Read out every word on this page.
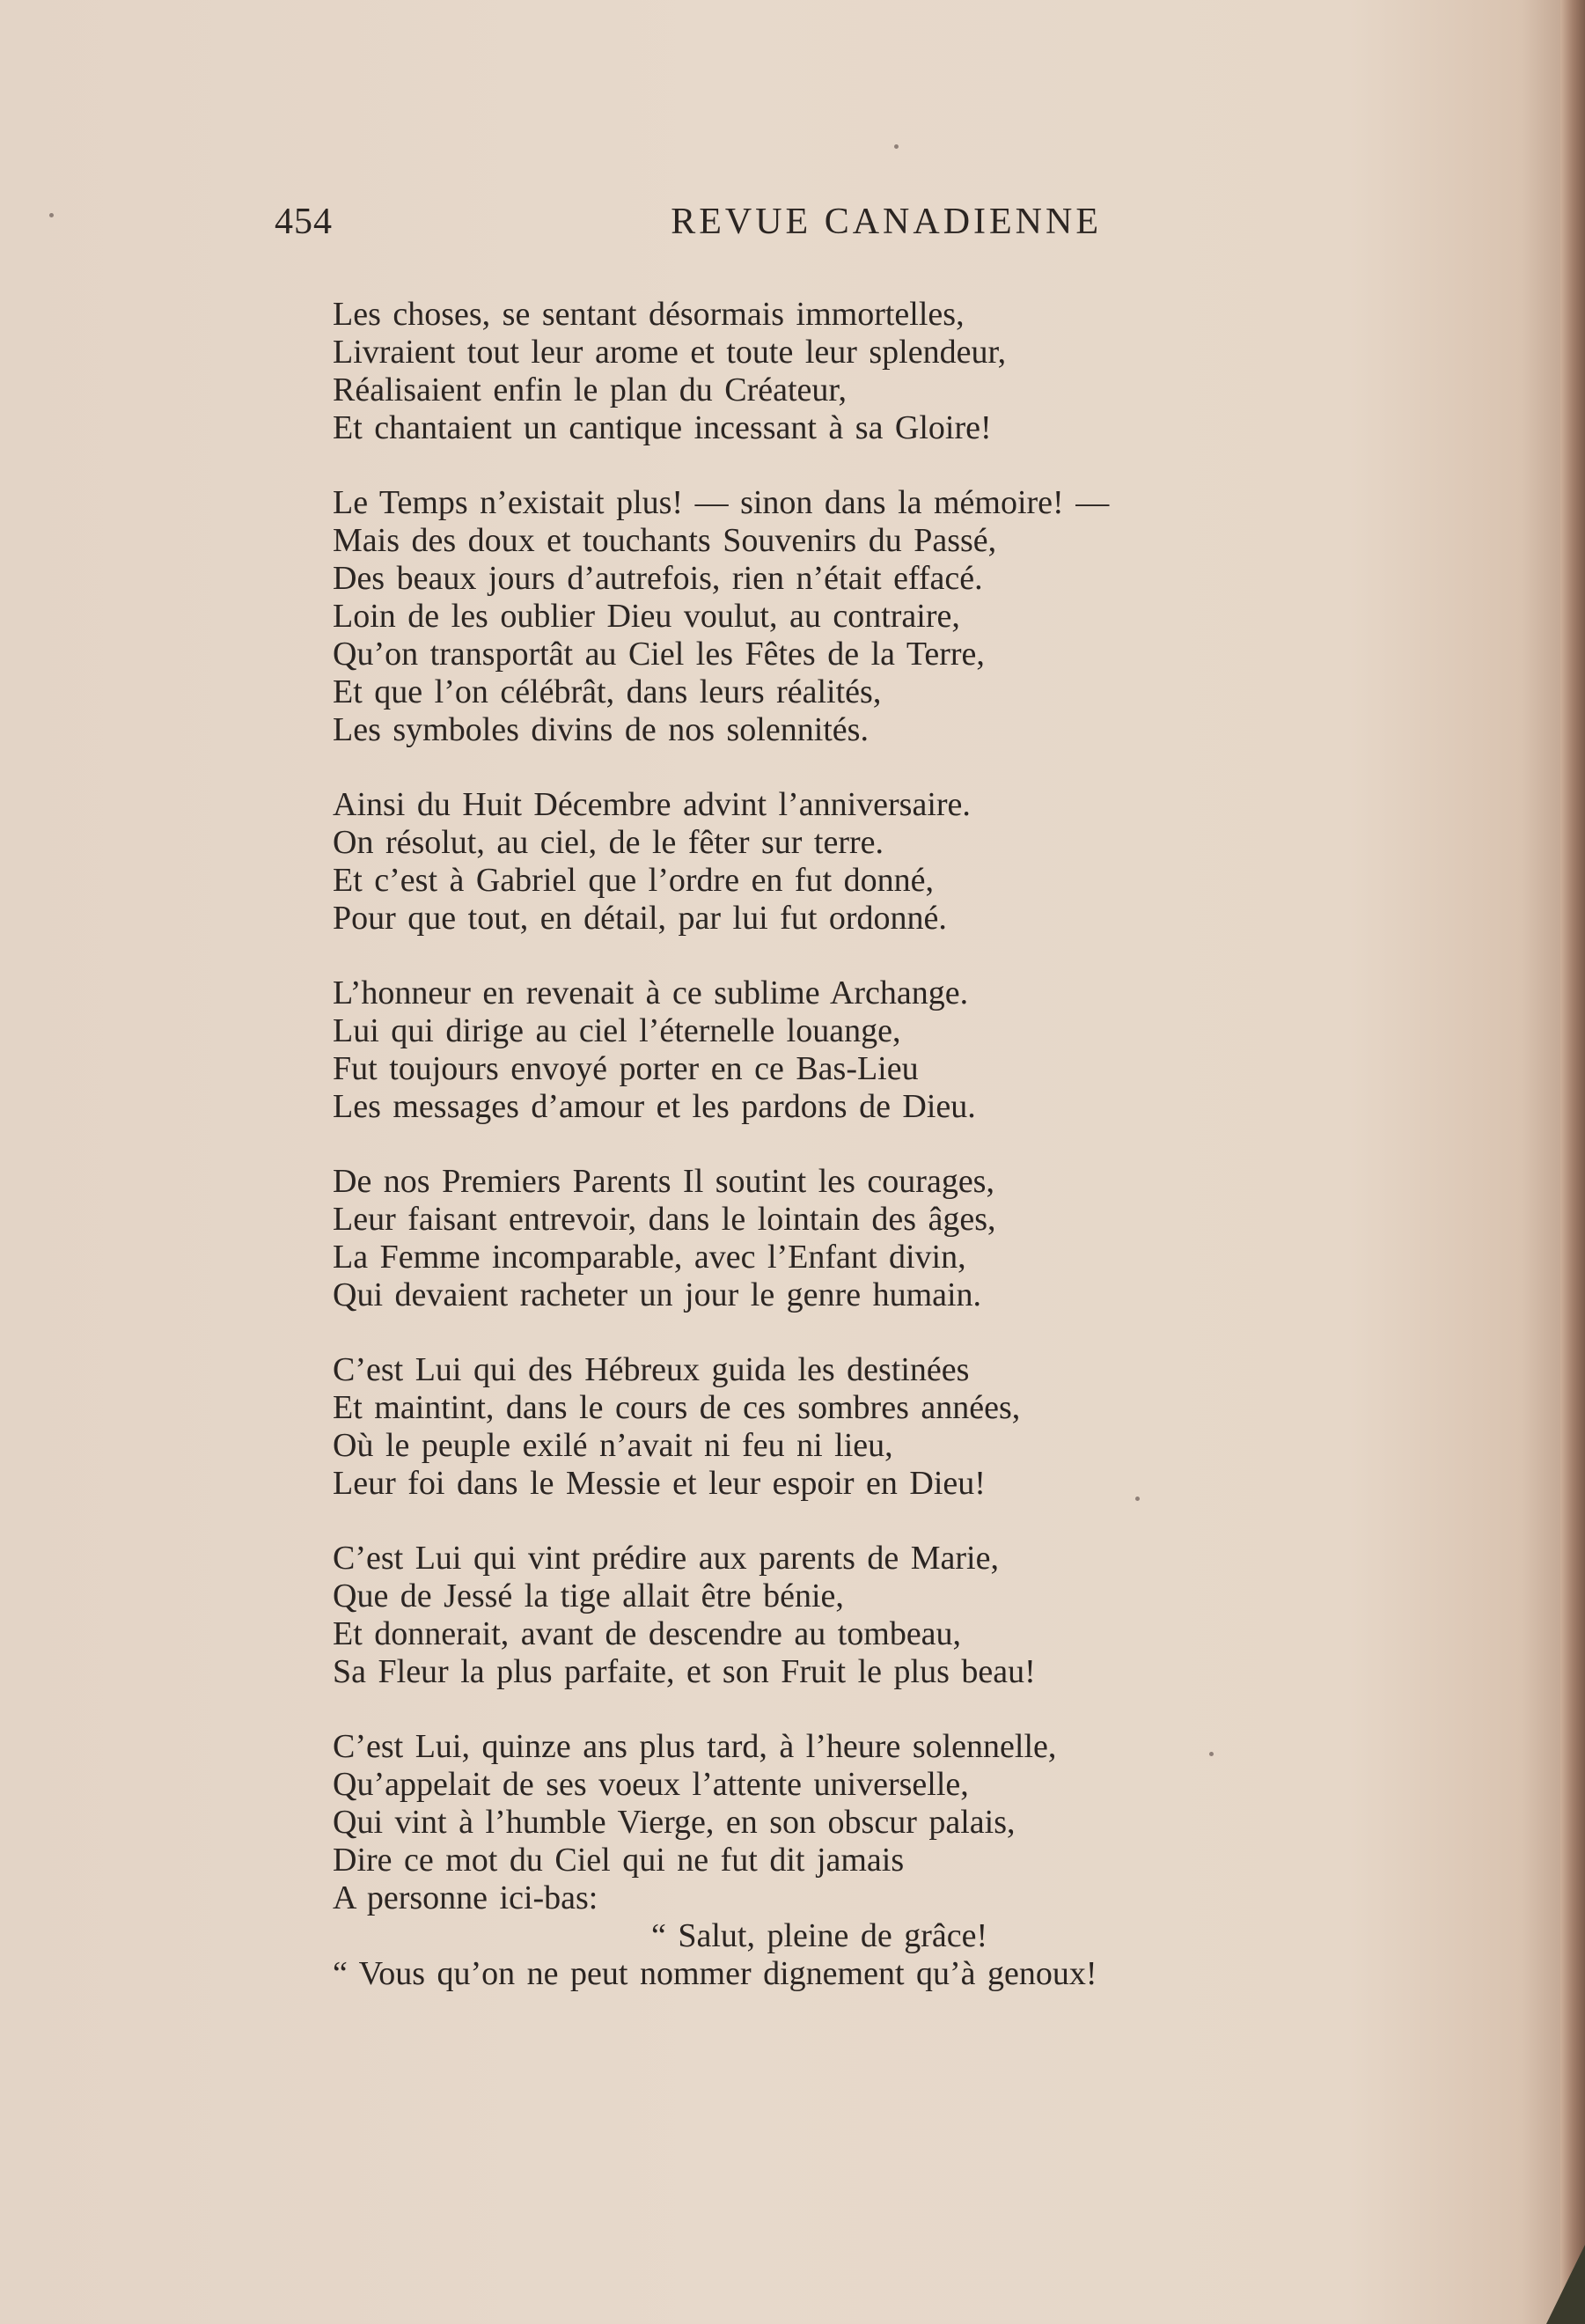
454	REVUE CANADIENNE
Les choses, se sentant désormais immortelles,
Livraient tout leur arome et toute leur splendeur,
Réalisaient enfin le plan du Créateur,
Et chantaient un cantique incessant à sa Gloire!
Le Temps n’existait plus! — sinon dans la mémoire! —
Mais des doux et touchants Souvenirs du Passé,
Des beaux jours d’autrefois, rien n’était effacé.
Loin de les oublier Dieu voulut, au contraire,
Qu’on transportât au Ciel les Fêtes de la Terre,
Et que l’on célébrât, dans leurs réalités,
Les symboles divins de nos solennités.
Ainsi du Huit Décembre advint l’anniversaire.
On résolut, au ciel, de le fêter sur terre.
Et c’est à Gabriel que l’ordre en fut donné,
Pour que tout, en détail, par lui fut ordonné.
L’honneur en revenait à ce sublime Archange.
Lui qui dirige au ciel l’éternelle louange,
Fut toujours envoyé porter en ce Bas-Lieu
Les messages d’amour et les pardons de Dieu.
De nos Premiers Parents Il soutint les courages,
Leur faisant entrevoir, dans le lointain des âges,
La Femme incomparable, avec l’Enfant divin,
Qui devaient racheter un jour le genre humain.
C’est Lui qui des Hébreux guida les destinées
Et maintint, dans le cours de ces sombres années,
Où le peuple exilé n’avait ni feu ni lieu,
Leur foi dans le Messie et leur espoir en Dieu!
C’est Lui qui vint prédire aux parents de Marie,
Que de Jessé la tige allait être bénie,
Et donnerait, avant de descendre au tombeau,
Sa Fleur la plus parfaite, et son Fruit le plus beau!
C’est Lui, quinze ans plus tard, à l’heure solennelle,
Qu’appelait de ses voeux l’attente universelle,
Qui vint à l’humble Vierge, en son obscur palais,
Dire ce mot du Ciel qui ne fut dit jamais
A personne ici-bas:
“ Salut, pleine de grâce!
“ Vous qu’on ne peut nommer dignement qu’à genoux!
